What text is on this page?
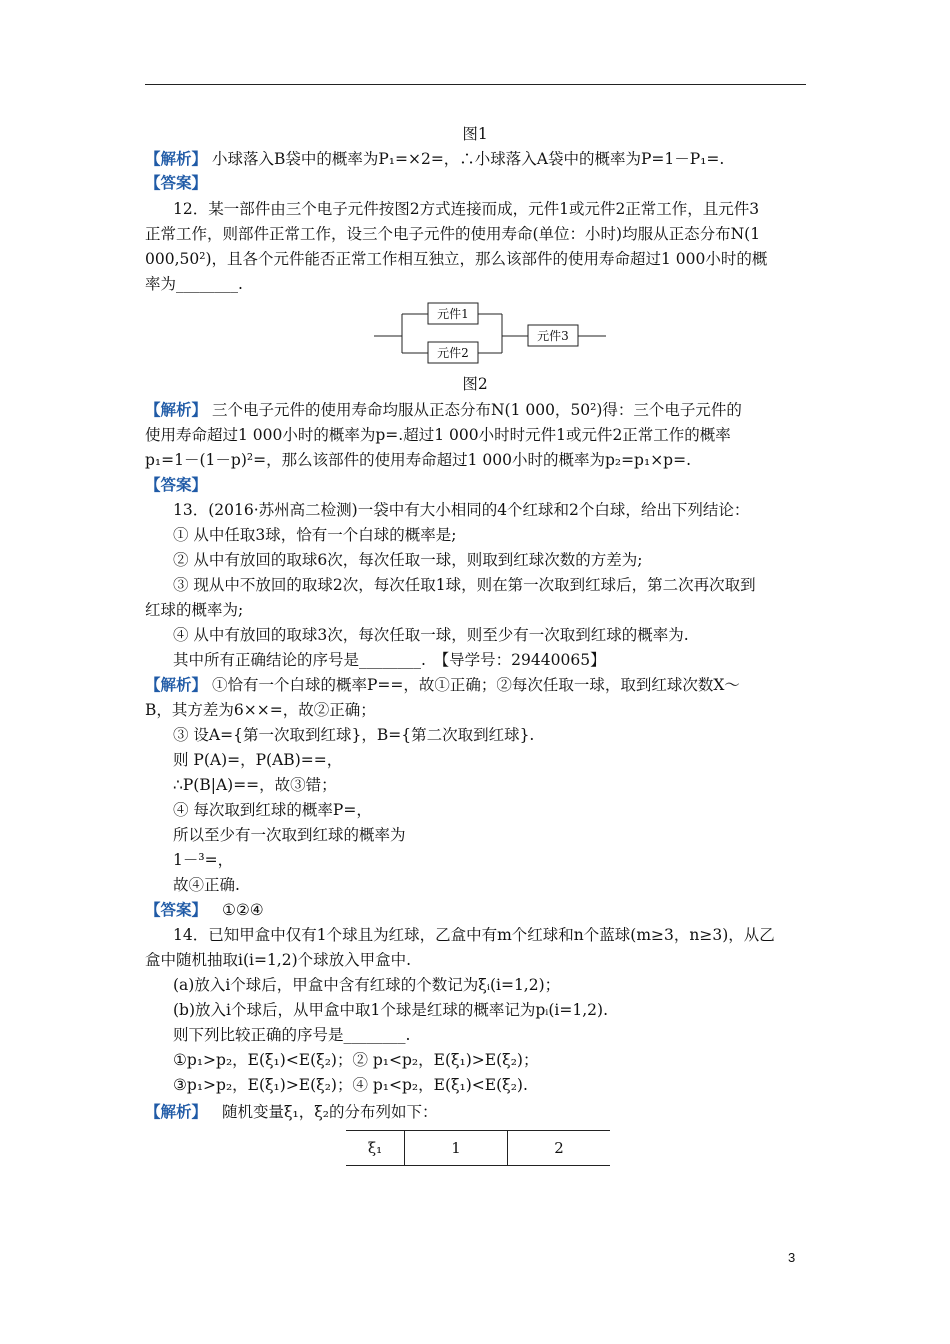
图1
【解析】 小球落入B袋中的概率为P₁=×2=，∴小球落入A袋中的概率为P=1－P₁=.
【答案】
12．某一部件由三个电子元件按图2方式连接而成，元件1或元件2正常工作，且元件3
正常工作，则部件正常工作，设三个电子元件的使用寿命(单位：小时)均服从正态分布N(1
000,50²)，且各个元件能否正常工作相互独立，那么该部件的使用寿命超过1 000小时的概
率为________.
元件1
元件2
元件3
图2
【解析】 三个电子元件的使用寿命均服从正态分布N(1 000，50²)得：三个电子元件的
使用寿命超过1 000小时的概率为p=.超过1 000小时时元件1或元件2正常工作的概率
p₁=1－(1－p)²=，那么该部件的使用寿命超过1 000小时的概率为p₂=p₁×p=.
【答案】
13．(2016·苏州高二检测)一袋中有大小相同的4个红球和2个白球，给出下列结论：
① 从中任取3球，恰有一个白球的概率是;
② 从中有放回的取球6次，每次任取一球，则取到红球次数的方差为;
③ 现从中不放回的取球2次，每次任取1球，则在第一次取到红球后，第二次再次取到
红球的概率为;
④ 从中有放回的取球3次，每次任取一球，则至少有一次取到红球的概率为.
其中所有正确结论的序号是________.　【导学号：29440065】
【解析】 ①恰有一个白球的概率P==，故①正确；②每次任取一球，取到红球次数X～
B，其方差为6××=，故②正确；
③ 设A={第一次取到红球}，B={第二次取到红球}.
则 P(A)=，P(AB)==，
∴P(B|A)==，故③错；
④ 每次取到红球的概率P=，
所以至少有一次取到红球的概率为
1－³=，
故④正确.
【答案】 ①②④
14．已知甲盒中仅有1个球且为红球，乙盒中有m个红球和n个蓝球(m≥3，n≥3)，从乙
盒中随机抽取i(i=1,2)个球放入甲盒中.
(a)放入i个球后，甲盒中含有红球的个数记为ξᵢ(i=1,2)；
(b)放入i个球后，从甲盒中取1个球是红球的概率记为pᵢ(i=1,2).
则下列比较正确的序号是________.
①p₁>p₂，E(ξ₁)<E(ξ₂)；② p₁<p₂，E(ξ₁)>E(ξ₂)；
③p₁>p₂，E(ξ₁)>E(ξ₂)；④ p₁<p₂，E(ξ₁)<E(ξ₂).
【解析】 随机变量ξ₁，ξ₂的分布列如下：
ξ₁	1	2
3
